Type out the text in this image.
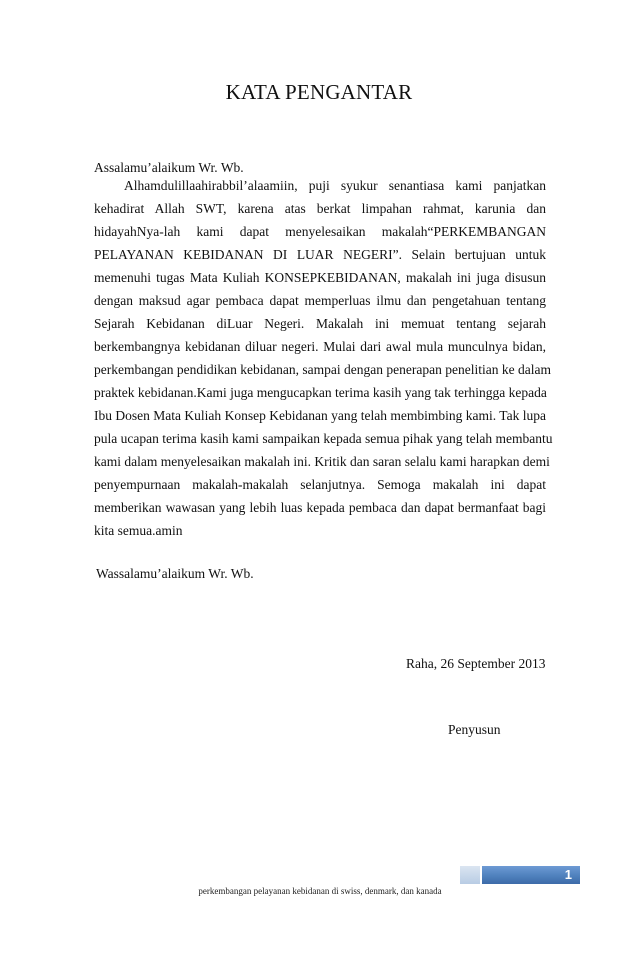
KATA PENGANTAR
Assalamu’alaikum Wr. Wb.
Alhamdulillaahirabbil’alaamiin, puji syukur senantiasa kami panjatkan
kehadirat Allah SWT, karena atas berkat limpahan rahmat, karunia dan
hidayahNya-lah kami dapat menyelesaikan makalah“PERKEMBANGAN
PELAYANAN KEBIDANAN DI LUAR NEGERI”. Selain bertujuan untuk
memenuhi tugas Mata Kuliah KONSEPKEBIDANAN, makalah ini juga disusun
dengan maksud agar pembaca dapat memperluas ilmu dan pengetahuan tentang
Sejarah Kebidanan diLuar Negeri. Makalah ini memuat tentang sejarah
berkembangnya kebidanan diluar negeri. Mulai dari awal mula munculnya bidan,
perkembangan pendidikan kebidanan, sampai dengan penerapan penelitian ke dalam
praktek kebidanan.Kami juga mengucapkan terima kasih yang tak terhingga kepada
Ibu Dosen Mata Kuliah Konsep Kebidanan yang telah membimbing kami. Tak lupa
pula ucapan terima kasih kami sampaikan kepada semua pihak yang telah membantu
kami dalam menyelesaikan makalah ini. Kritik dan saran selalu kami harapkan demi
penyempurnaan makalah-makalah selanjutnya. Semoga makalah ini dapat
memberikan wawasan yang lebih luas kepada pembaca dan dapat bermanfaat bagi
kita semua.amin
Wassalamu’alaikum Wr. Wb.
Raha, 26 September 2013
Penyusun
1
perkembangan pelayanan kebidanan di swiss, denmark, dan kanada
